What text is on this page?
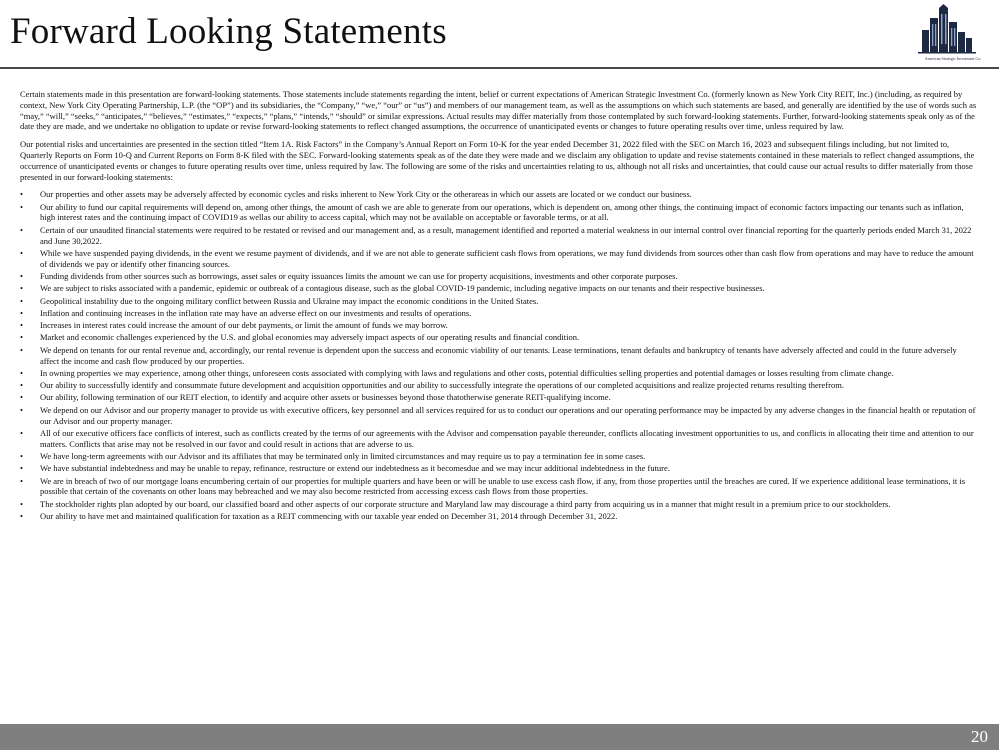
Forward Looking Statements
American Strategic Investment Co.

Certain statements made in this presentation are forward-looking statements. Those statements include statements regarding the intent, belief or current expectations of American Strategic Investment Co. (formerly known as New York City REIT, Inc.) (including, as required by context, New York City Operating Partnership, L.P. (the “OP”) and its subsidiaries, the “Company,” “we,” “our” or “us”) and members of our management team, as well as the assumptions on which such statements are based, and generally are identified by the use of words such as “may,” “will,” “seeks,” “anticipates,” “believes,” “estimates,” “expects,” “plans,” “intends,” “should” or similar expressions. Actual results may differ materially from those contemplated by such forward-looking statements. Further, forward-looking statements speak only as of the date they are made, and we undertake no obligation to update or revise forward-looking statements to reflect changed assumptions, the occurrence of unanticipated events or changes to future operating results over time, unless required by law.

Our potential risks and uncertainties are presented in the section titled “Item 1A. Risk Factors” in the Company’s Annual Report on Form 10-K for the year ended December 31, 2022 filed with the SEC on March 16, 2023 and subsequent filings including, but not limited to, Quarterly Reports on Form 10-Q and Current Reports on Form 8-K filed with the SEC. Forward-looking statements speak as of the date they were made and we disclaim any obligation to update and revise statements contained in these materials to reflect changed assumptions, the occurrence of unanticipated events or changes to future operating results over time, unless required by law. The following are some of the risks and uncertainties relating to us, although not all risks and uncertainties, that could cause our actual results to differ materially from those presented in our forward-looking statements:

• Our properties and other assets may be adversely affected by economic cycles and risks inherent to New York City or the otherareas in which our assets are located or we conduct our business.
• Our ability to fund our capital requirements will depend on, among other things, the amount of cash we are able to generate from our operations, which is dependent on, among other things, the continuing impact of economic factors impacting our tenants such as inflation, high interest rates and the continuing impact of COVID19 as wellas our ability to access capital, which may not be available on acceptable or favorable terms, or at all.
• Certain of our unaudited financial statements were required to be restated or revised and our management and, as a result, management identified and reported a material weakness in our internal control over financial reporting for the quarterly periods ended March 31, 2022 and June 30,2022.
• While we have suspended paying dividends, in the event we resume payment of dividends, and if we are not able to generate sufficient cash flows from operations, we may fund dividends from sources other than cash flow from operations and may have to reduce the amount of dividends we pay or identify other financing sources.
• Funding dividends from other sources such as borrowings, asset sales or equity issuances limits the amount we can use for property acquisitions, investments and other corporate purposes.
• We are subject to risks associated with a pandemic, epidemic or outbreak of a contagious disease, such as the global COVID-19 pandemic, including negative impacts on our tenants and their respective businesses.
• Geopolitical instability due to the ongoing military conflict between Russia and Ukraine may impact the economic conditions in the United States.
• Inflation and continuing increases in the inflation rate may have an adverse effect on our investments and results of operations.
• Increases in interest rates could increase the amount of our debt payments, or limit the amount of funds we may borrow.
• Market and economic challenges experienced by the U.S. and global economies may adversely impact aspects of our operating results and financial condition.
• We depend on tenants for our rental revenue and, accordingly, our rental revenue is dependent upon the success and economic viability of our tenants. Lease terminations, tenant defaults and bankruptcy of tenants have adversely affected and could in the future adversely affect the income and cash flow produced by our properties.
• In owning properties we may experience, among other things, unforeseen costs associated with complying with laws and regulations and other costs, potential difficulties selling properties and potential damages or losses resulting from climate change.
• Our ability to successfully identify and consummate future development and acquisition opportunities and our ability to successfully integrate the operations of our completed acquisitions and realize projected returns resulting therefrom.
• Our ability, following termination of our REIT election, to identify and acquire other assets or businesses beyond those thatotherwise generate REIT-qualifying income.
• We depend on our Advisor and our property manager to provide us with executive officers, key personnel and all services required for us to conduct our operations and our operating performance may be impacted by any adverse changes in the financial health or reputation of our Advisor and our property manager.
• All of our executive officers face conflicts of interest, such as conflicts created by the terms of our agreements with the Advisor and compensation payable thereunder, conflicts allocating investment opportunities to us, and conflicts in allocating their time and attention to our matters. Conflicts that arise may not be resolved in our favor and could result in actions that are adverse to us.
• We have long-term agreements with our Advisor and its affiliates that may be terminated only in limited circumstances and may require us to pay a termination fee in some cases.
• We have substantial indebtedness and may be unable to repay, refinance, restructure or extend our indebtedness as it becomesdue and we may incur additional indebtedness in the future.
• We are in breach of two of our mortgage loans encumbering certain of our properties for multiple quarters and have been or will be unable to use excess cash flow, if any, from those properties until the breaches are cured. If we experience additional lease terminations, it is possible that certain of the covenants on other loans may bebreached and we may also become restricted from accessing excess cash flows from those properties.
• The stockholder rights plan adopted by our board, our classified board and other aspects of our corporate structure and Maryland law may discourage a third party from acquiring us in a manner that might result in a premium price to our stockholders.
• Our ability to have met and maintained qualification for taxation as a REIT commencing with our taxable year ended on December 31, 2014 through December 31, 2022.
20
